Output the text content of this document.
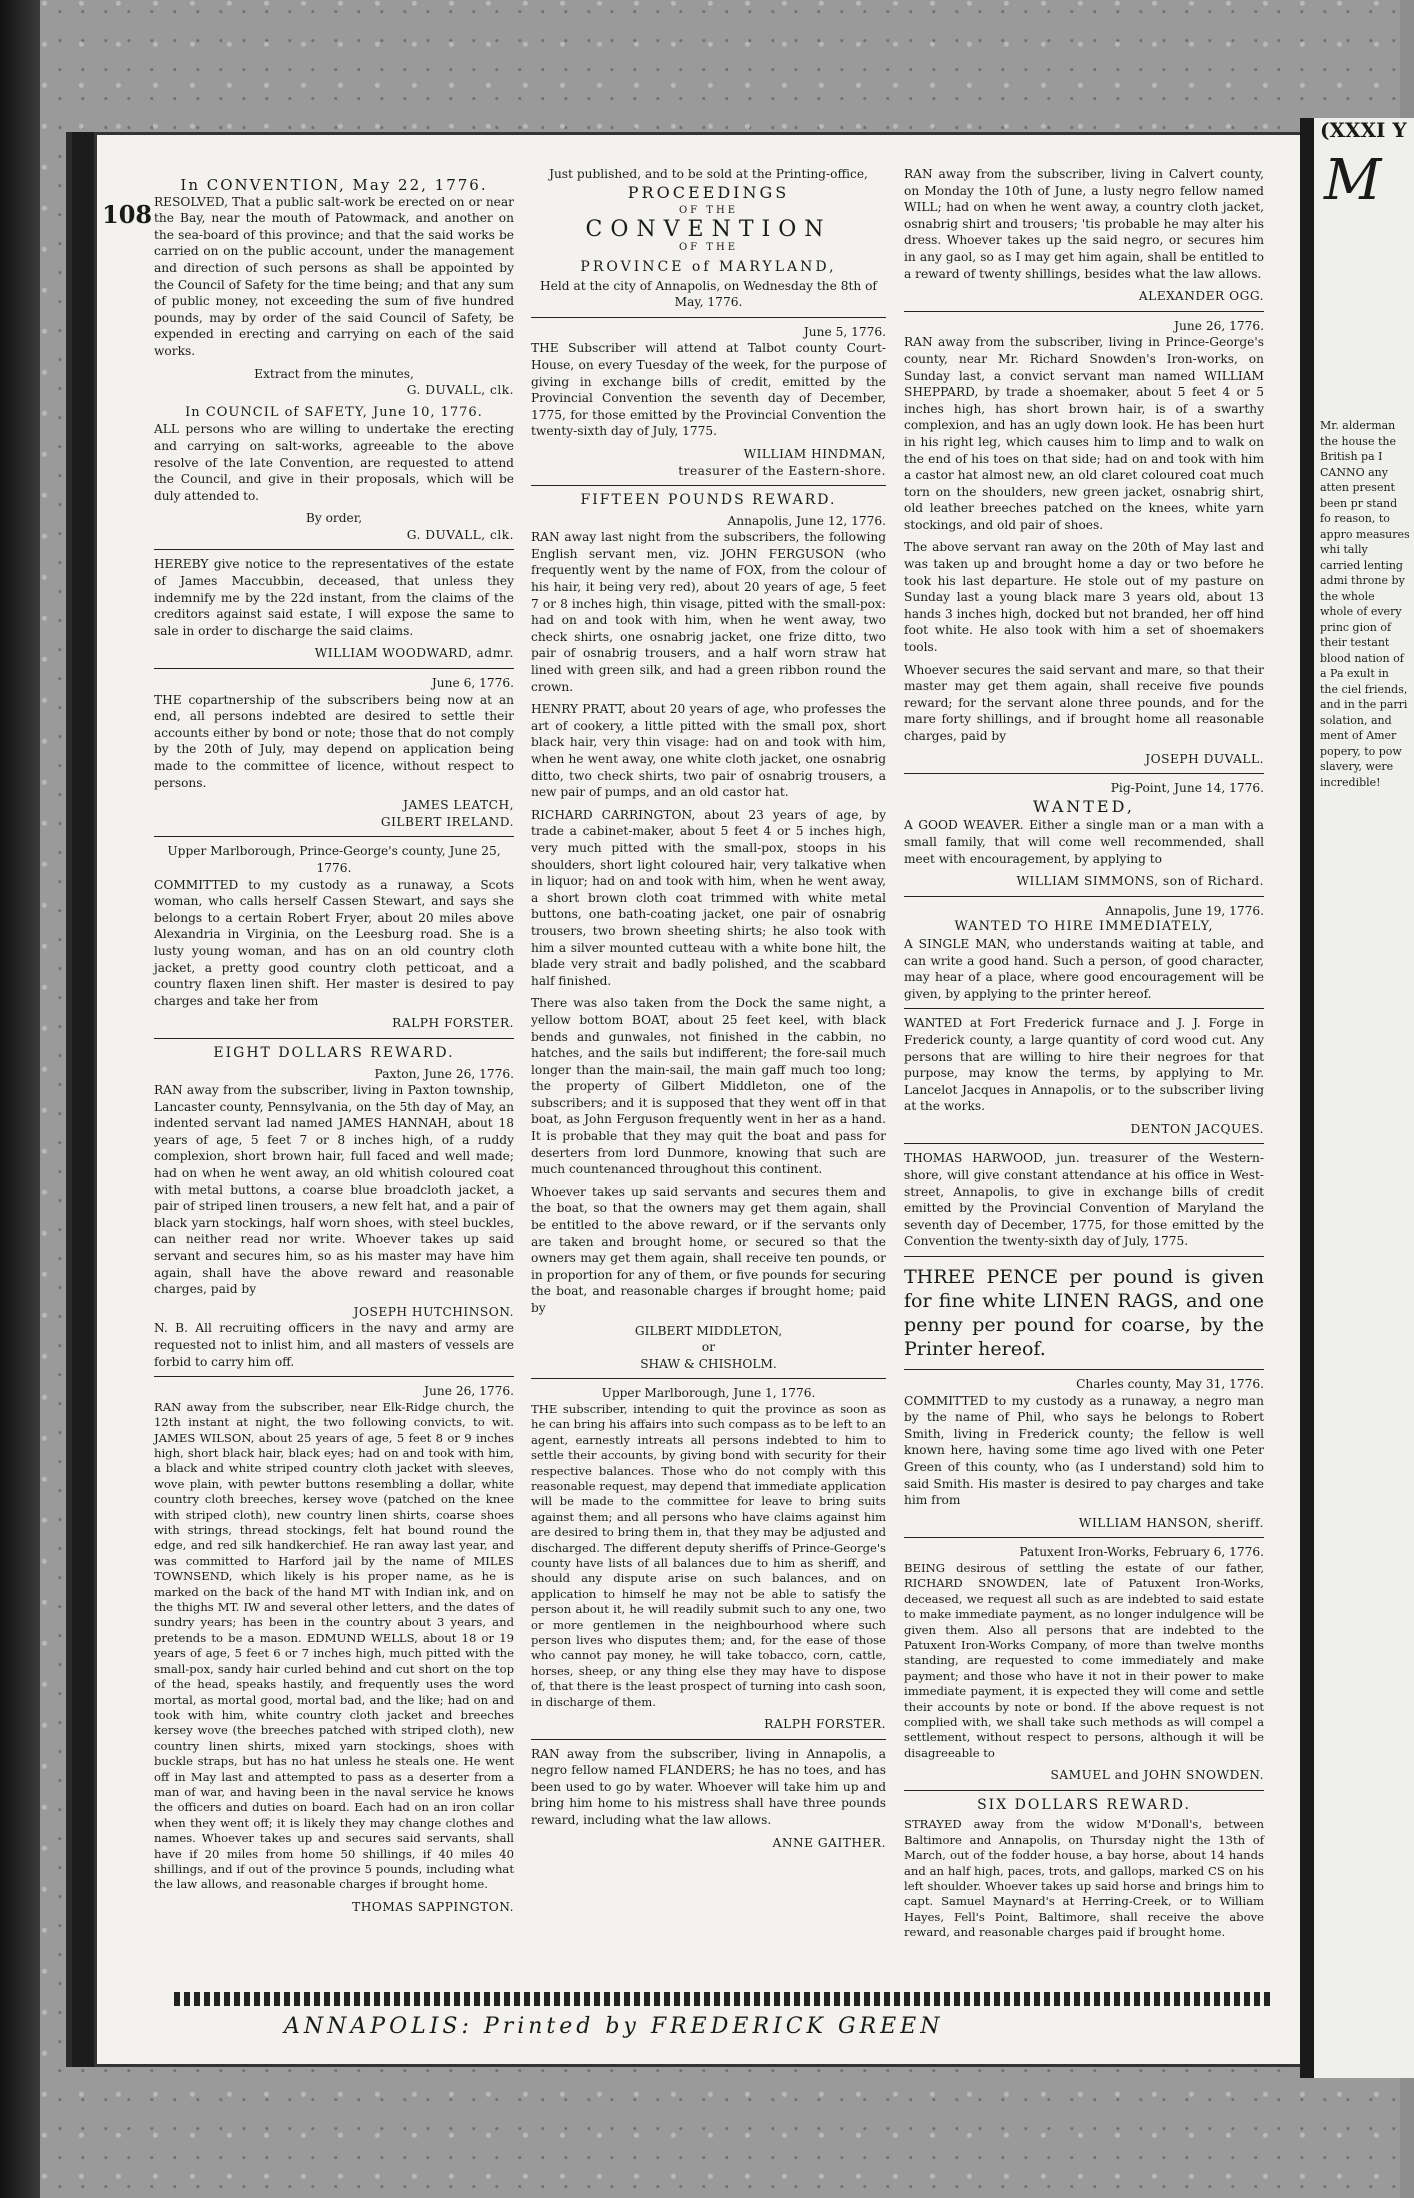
108

In CONVENTION, May 22, 1776.

RESOLVED, That a public salt-work be erected on or near the Bay, near the mouth of Patowmack, and another on the sea-board of this province; and that the said works be carried on on the public account, under the management and direction of such persons as shall be appointed by the Council of Safety for the time being; and that any sum of public money, not exceeding the sum of five hundred pounds, may by order of the said Council of Safety, be expended in erecting and carrying on each of the said works.

Extract from the minutes,

G. DUVALL, clk.

In COUNCIL of SAFETY, June 10, 1776.

ALL persons who are willing to undertake the erecting and carrying on salt-works, agreeable to the above resolve of the late Convention, are requested to attend the Council, and give in their proposals, which will be duly attended to.

By order,

G. DUVALL, clk.

HEREBY give notice to the representatives of the estate of James Maccubbin, deceased, that unless they indemnify me by the 22d instant, from the claims of the creditors against said estate, I will expose the same to sale in order to discharge the said claims.

WILLIAM WOODWARD, admr.

June 6, 1776.

THE copartnership of the subscribers being now at an end, all persons indebted are desired to settle their accounts either by bond or note; those that do not comply by the 20th of July, may depend on application being made to the committee of licence, without respect to persons.

JAMES LEATCH,

GILBERT IRELAND.

Upper Marlborough, Prince-George's county, June 25, 1776.

COMMITTED to my custody as a runaway, a Scots woman, who calls herself Cassen Stewart, and says she belongs to a certain Robert Fryer, about 20 miles above Alexandria in Virginia, on the Leesburg road. She is a lusty young woman, and has on an old country cloth jacket, a pretty good country cloth petticoat, and a country flaxen linen shift. Her master is desired to pay charges and take her from

RALPH FORSTER.

EIGHT DOLLARS REWARD.

Paxton, June 26, 1776.

RAN away from the subscriber, living in Paxton township, Lancaster county, Pennsylvania, on the 5th day of May, an indented servant lad named JAMES HANNAH, about 18 years of age, 5 feet 7 or 8 inches high, of a ruddy complexion, short brown hair, full faced and well made; had on when he went away, an old whitish coloured coat with metal buttons, a coarse blue broadcloth jacket, a pair of striped linen trousers, a new felt hat, and a pair of black yarn stockings, half worn shoes, with steel buckles, can neither read nor write. Whoever takes up said servant and secures him, so as his master may have him again, shall have the above reward and reasonable charges, paid by

JOSEPH HUTCHINSON.

N. B. All recruiting officers in the navy and army are requested not to inlist him, and all masters of vessels are forbid to carry him off.

June 26, 1776.

RAN away from the subscriber, near Elk-Ridge church, the 12th instant at night, the two following convicts, to wit. JAMES WILSON, about 25 years of age, 5 feet 8 or 9 inches high, short black hair, black eyes; had on and took with him, a black and white striped country cloth jacket with sleeves, wove plain, with pewter buttons resembling a dollar, white country cloth breeches, kersey wove (patched on the knee with striped cloth), new country linen shirts, coarse shoes with strings, thread stockings, felt hat bound round the edge, and red silk handkerchief. He ran away last year, and was committed to Harford jail by the name of MILES TOWNSEND, which likely is his proper name, as he is marked on the back of the hand MT with Indian ink, and on the thighs MT. IW and several other letters, and the dates of sundry years; has been in the country about 3 years, and pretends to be a mason. EDMUND WELLS, about 18 or 19 years of age, 5 feet 6 or 7 inches high, much pitted with the small-pox, sandy hair curled behind and cut short on the top of the head, speaks hastily, and frequently uses the word mortal, as mortal good, mortal bad, and the like; had on and took with him, white country cloth jacket and breeches kersey wove (the breeches patched with striped cloth), new country linen shirts, mixed yarn stockings, shoes with buckle straps, but has no hat unless he steals one. He went off in May last and attempted to pass as a deserter from a man of war, and having been in the naval service he knows the officers and duties on board. Each had on an iron collar when they went off; it is likely they may change clothes and names. Whoever takes up and secures said servants, shall have if 20 miles from home 50 shillings, if 40 miles 40 shillings, and if out of the province 5 pounds, including what the law allows, and reasonable charges if brought home.

THOMAS SAPPINGTON.

Just published, and to be sold at the Printing-office,

PROCEEDINGS

OF THE

CONVENTION

OF THE

PROVINCE of MARYLAND,

Held at the city of Annapolis, on Wednesday the 8th of May, 1776.

June 5, 1776.

THE Subscriber will attend at Talbot county Court-House, on every Tuesday of the week, for the purpose of giving in exchange bills of credit, emitted by the Provincial Convention the seventh day of December, 1775, for those emitted by the Provincial Convention the twenty-sixth day of July, 1775.

WILLIAM HINDMAN,

treasurer of the Eastern-shore.

FIFTEEN POUNDS REWARD.

Annapolis, June 12, 1776.

RAN away last night from the subscribers, the following English servant men, viz. JOHN FERGUSON (who frequently went by the name of FOX, from the colour of his hair, it being very red), about 20 years of age, 5 feet 7 or 8 inches high, thin visage, pitted with the small-pox: had on and took with him, when he went away, two check shirts, one osnabrig jacket, one frize ditto, two pair of osnabrig trousers, and a half worn straw hat lined with green silk, and had a green ribbon round the crown.

HENRY PRATT, about 20 years of age, who professes the art of cookery, a little pitted with the small pox, short black hair, very thin visage: had on and took with him, when he went away, one white cloth jacket, one osnabrig ditto, two check shirts, two pair of osnabrig trousers, a new pair of pumps, and an old castor hat.

RICHARD CARRINGTON, about 23 years of age, by trade a cabinet-maker, about 5 feet 4 or 5 inches high, very much pitted with the small-pox, stoops in his shoulders, short light coloured hair, very talkative when in liquor; had on and took with him, when he went away, a short brown cloth coat trimmed with white metal buttons, one bath-coating jacket, one pair of osnabrig trousers, two brown sheeting shirts; he also took with him a silver mounted cutteau with a white bone hilt, the blade very strait and badly polished, and the scabbard half finished.

There was also taken from the Dock the same night, a yellow bottom BOAT, about 25 feet keel, with black bends and gunwales, not finished in the cabbin, no hatches, and the sails but indifferent; the fore-sail much longer than the main-sail, the main gaff much too long; the property of Gilbert Middleton, one of the subscribers; and it is supposed that they went off in that boat, as John Ferguson frequently went in her as a hand. It is probable that they may quit the boat and pass for deserters from lord Dunmore, knowing that such are much countenanced throughout this continent.

Whoever takes up said servants and secures them and the boat, so that the owners may get them again, shall be entitled to the above reward, or if the servants only are taken and brought home, or secured so that the owners may get them again, shall receive ten pounds, or in proportion for any of them, or five pounds for securing the boat, and reasonable charges if brought home; paid by

GILBERT MIDDLETON,

or

SHAW & CHISHOLM.

Upper Marlborough, June 1, 1776.

THE subscriber, intending to quit the province as soon as he can bring his affairs into such compass as to be left to an agent, earnestly intreats all persons indebted to him to settle their accounts, by giving bond with security for their respective balances. Those who do not comply with this reasonable request, may depend that immediate application will be made to the committee for leave to bring suits against them; and all persons who have claims against him are desired to bring them in, that they may be adjusted and discharged. The different deputy sheriffs of Prince-George's county have lists of all balances due to him as sheriff, and should any dispute arise on such balances, and on application to himself he may not be able to satisfy the person about it, he will readily submit such to any one, two or more gentlemen in the neighbourhood where such person lives who disputes them; and, for the ease of those who cannot pay money, he will take tobacco, corn, cattle, horses, sheep, or any thing else they may have to dispose of, that there is the least prospect of turning into cash soon, in discharge of them.

RALPH FORSTER.

RAN away from the subscriber, living in Annapolis, a negro fellow named FLANDERS; he has no toes, and has been used to go by water. Whoever will take him up and bring him home to his mistress shall have three pounds reward, including what the law allows.

ANNE GAITHER.

RAN away from the subscriber, living in Calvert county, on Monday the 10th of June, a lusty negro fellow named WILL; had on when he went away, a country cloth jacket, osnabrig shirt and trousers; 'tis probable he may alter his dress. Whoever takes up the said negro, or secures him in any gaol, so as I may get him again, shall be entitled to a reward of twenty shillings, besides what the law allows.

ALEXANDER OGG.

June 26, 1776.

RAN away from the subscriber, living in Prince-George's county, near Mr. Richard Snowden's Iron-works, on Sunday last, a convict servant man named WILLIAM SHEPPARD, by trade a shoemaker, about 5 feet 4 or 5 inches high, has short brown hair, is of a swarthy complexion, and has an ugly down look. He has been hurt in his right leg, which causes him to limp and to walk on the end of his toes on that side; had on and took with him a castor hat almost new, an old claret coloured coat much torn on the shoulders, new green jacket, osnabrig shirt, old leather breeches patched on the knees, white yarn stockings, and old pair of shoes.

The above servant ran away on the 20th of May last and was taken up and brought home a day or two before he took his last departure. He stole out of my pasture on Sunday last a young black mare 3 years old, about 13 hands 3 inches high, docked but not branded, her off hind foot white. He also took with him a set of shoemakers tools.

Whoever secures the said servant and mare, so that their master may get them again, shall receive five pounds reward; for the servant alone three pounds, and for the mare forty shillings, and if brought home all reasonable charges, paid by

JOSEPH DUVALL.

Pig-Point, June 14, 1776.

WANTED,

A GOOD WEAVER. Either a single man or a man with a small family, that will come well recommended, shall meet with encouragement, by applying to

WILLIAM SIMMONS, son of Richard.

Annapolis, June 19, 1776.

WANTED TO HIRE IMMEDIATELY,

A SINGLE MAN, who understands waiting at table, and can write a good hand. Such a person, of good character, may hear of a place, where good encouragement will be given, by applying to the printer hereof.

WANTED at Fort Frederick furnace and J. J. Forge in Frederick county, a large quantity of cord wood cut. Any persons that are willing to hire their negroes for that purpose, may know the terms, by applying to Mr. Lancelot Jacques in Annapolis, or to the subscriber living at the works.

DENTON JACQUES.

THOMAS HARWOOD, jun. treasurer of the Western-shore, will give constant attendance at his office in West-street, Annapolis, to give in exchange bills of credit emitted by the Provincial Convention of Maryland the seventh day of December, 1775, for those emitted by the Convention the twenty-sixth day of July, 1775.

THREE PENCE per pound is given for fine white LINEN RAGS, and one penny per pound for coarse, by the Printer hereof.

Charles county, May 31, 1776.

COMMITTED to my custody as a runaway, a negro man by the name of Phil, who says he belongs to Robert Smith, living in Frederick county; the fellow is well known here, having some time ago lived with one Peter Green of this county, who (as I understand) sold him to said Smith. His master is desired to pay charges and take him from

WILLIAM HANSON, sheriff.

Patuxent Iron-Works, February 6, 1776.

BEING desirous of settling the estate of our father, RICHARD SNOWDEN, late of Patuxent Iron-Works, deceased, we request all such as are indebted to said estate to make immediate payment, as no longer indulgence will be given them. Also all persons that are indebted to the Patuxent Iron-Works Company, of more than twelve months standing, are requested to come immediately and make payment; and those who have it not in their power to make immediate payment, it is expected they will come and settle their accounts by note or bond. If the above request is not complied with, we shall take such methods as will compel a settlement, without respect to persons, although it will be disagreeable to

SAMUEL and JOHN SNOWDEN.

SIX DOLLARS REWARD.

STRAYED away from the widow M'Donall's, between Baltimore and Annapolis, on Thursday night the 13th of March, out of the fodder house, a bay horse, about 14 hands and an half high, paces, trots, and gallops, marked CS on his left shoulder. Whoever takes up said horse and brings him to capt. Samuel Maynard's at Herring-Creek, or to William Hayes, Fell's Point, Baltimore, shall receive the above reward, and reasonable charges paid if brought home.

ANNAPOLIS: Printed by FREDERICK GREEN
(XXXI Y
M
Mr. alderman the house the British pa I CANNO any atten present been pr stand fo reason, to appro measures whi tally carried lenting admi throne by the whole whole of every princ gion of their testant blood nation of a Pa exult in the ciel friends, and in the parri solation, and ment of Amer popery, to pow slavery, were incredible!
